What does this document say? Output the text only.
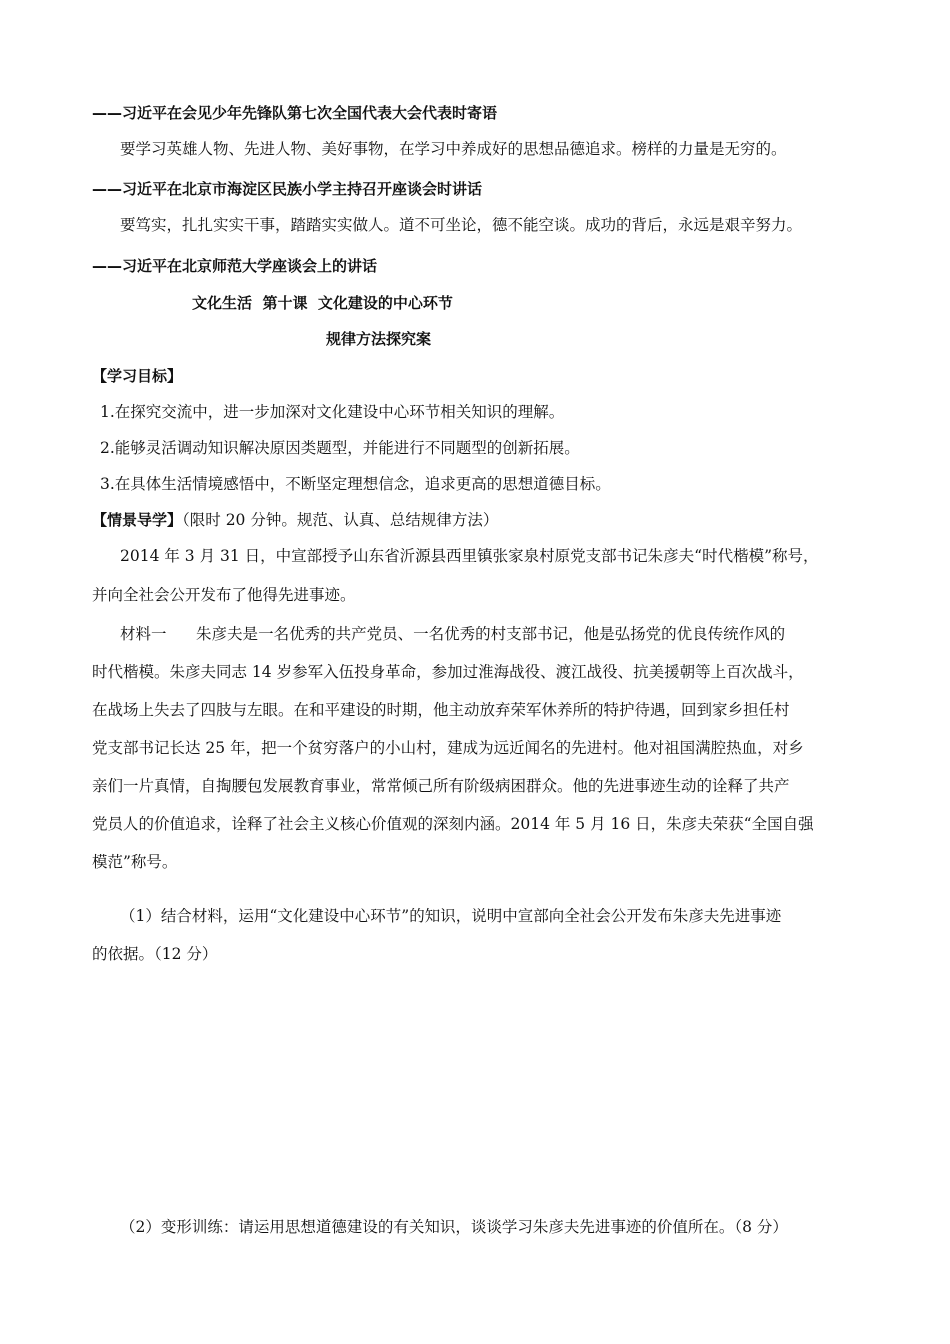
——习近平在会见少年先锋队第七次全国代表大会代表时寄语
要学习英雄人物、先进人物、美好事物，在学习中养成好的思想品德追求。榜样的力量是无穷的。
——习近平在北京市海淀区民族小学主持召开座谈会时讲话
要笃实，扎扎实实干事，踏踏实实做人。道不可坐论，德不能空谈。成功的背后，永远是艰辛努力。
——习近平在北京师范大学座谈会上的讲话
文化生活  第十课  文化建设的中心环节
规律方法探究案
【学习目标】
1.在探究交流中，进一步加深对文化建设中心环节相关知识的理解。
2.能够灵活调动知识解决原因类题型，并能进行不同题型的创新拓展。
3.在具体生活情境感悟中，不断坚定理想信念，追求更高的思想道德目标。
【情景导学】（限时 20 分钟。规范、认真、总结规律方法）
2014 年 3 月 31 日，中宣部授予山东省沂源县西里镇张家泉村原党支部书记朱彦夫“时代楷模”称号，
并向全社会公开发布了他得先进事迹。
材料一      朱彦夫是一名优秀的共产党员、一名优秀的村支部书记，他是弘扬党的优良传统作风的
时代楷模。朱彦夫同志 14 岁参军入伍投身革命，参加过淮海战役、渡江战役、抗美援朝等上百次战斗，
在战场上失去了四肢与左眼。在和平建设的时期，他主动放弃荣军休养所的特护待遇，回到家乡担任村
党支部书记长达 25 年，把一个贫穷落户的小山村，建成为远近闻名的先进村。他对祖国满腔热血，对乡
亲们一片真情，自掏腰包发展教育事业，常常倾己所有阶级病困群众。他的先进事迹生动的诠释了共产
党员人的价值追求，诠释了社会主义核心价值观的深刻内涵。2014 年 5 月 16 日，朱彦夫荣获“全国自强
模范”称号。
（1）结合材料，运用“文化建设中心环节”的知识，说明中宣部向全社会公开发布朱彦夫先进事迹
的依据。（12 分）
（2）变形训练：请运用思想道德建设的有关知识，谈谈学习朱彦夫先进事迹的价值所在。（8 分）
